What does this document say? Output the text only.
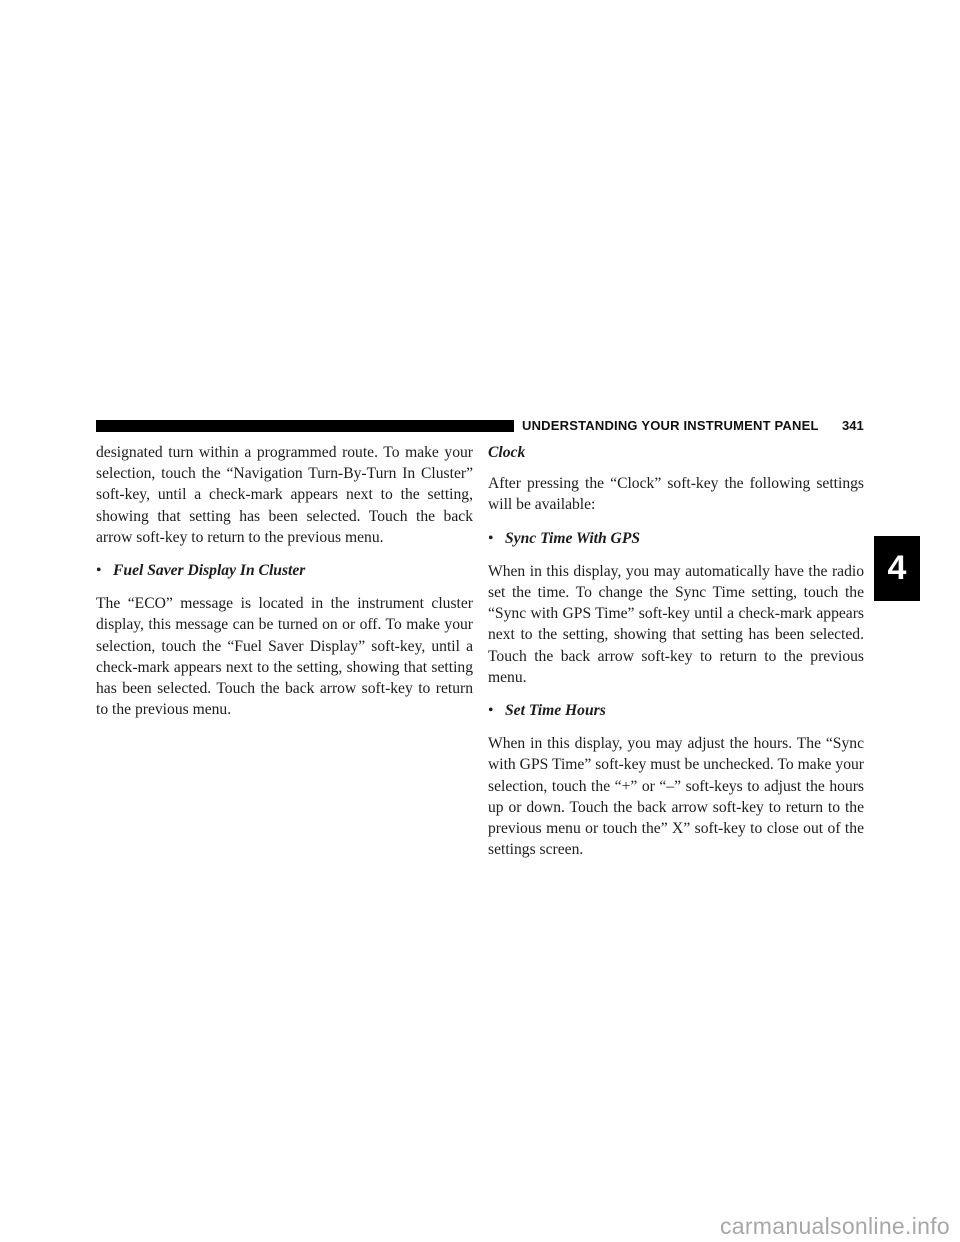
UNDERSTANDING YOUR INSTRUMENT PANEL 341

designated turn within a programmed route. To make your selection, touch the “Navigation Turn-By-Turn In Cluster” soft-key, until a check-mark appears next to the setting, showing that setting has been selected. Touch the back arrow soft-key to return to the previous menu.

• Fuel Saver Display In Cluster

The “ECO” message is located in the instrument cluster display, this message can be turned on or off. To make your selection, touch the “Fuel Saver Display” soft-key, until a check-mark appears next to the setting, showing that setting has been selected. Touch the back arrow soft-key to return to the previous menu.

Clock

After pressing the “Clock” soft-key the following settings will be available:

• Sync Time With GPS

When in this display, you may automatically have the radio set the time. To change the Sync Time setting, touch the “Sync with GPS Time” soft-key until a check-mark appears next to the setting, showing that setting has been selected. Touch the back arrow soft-key to return to the previous menu.

• Set Time Hours

When in this display, you may adjust the hours. The “Sync with GPS Time” soft-key must be unchecked. To make your selection, touch the “+” or “–” soft-keys to adjust the hours up or down. Touch the back arrow soft-key to return to the previous menu or touch the” X” soft-key to close out of the settings screen.

4
carmanualsonline.info
